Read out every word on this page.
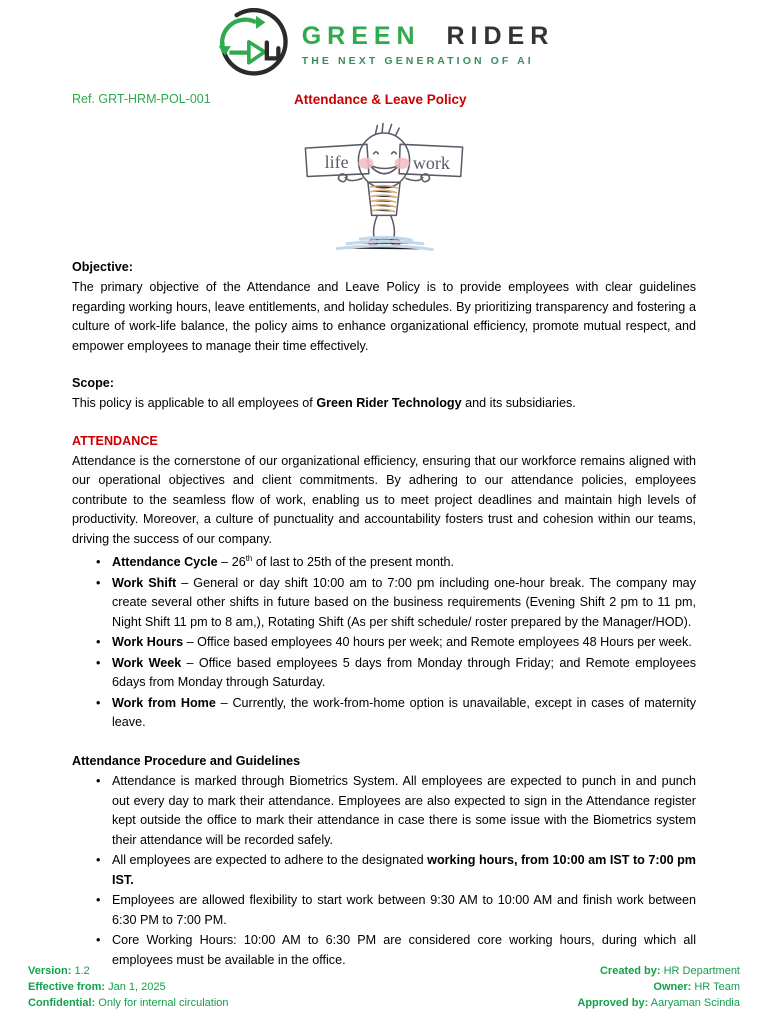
GREEN RIDER
THE NEXT GENERATION OF AI
Ref. GRT-HRM-POL-001	Attendance & Leave Policy
life	work
Objective:

The primary objective of the Attendance and Leave Policy is to provide employees with clear guidelines regarding working hours, leave entitlements, and holiday schedules. By prioritizing transparency and fostering a culture of work-life balance, the policy aims to enhance organizational efficiency, promote mutual respect, and empower employees to manage their time effectively.

Scope:

This policy is applicable to all employees of Green Rider Technology and its subsidiaries.

ATTENDANCE

Attendance is the cornerstone of our organizational efficiency, ensuring that our workforce remains aligned with our operational objectives and client commitments. By adhering to our attendance policies, employees contribute to the seamless flow of work, enabling us to meet project deadlines and maintain high levels of productivity. Moreover, a culture of punctuality and accountability fosters trust and cohesion within our teams, driving the success of our company.

• Attendance Cycle – 26th of last to 25th of the present month.
• Work Shift – General or day shift 10:00 am to 7:00 pm including one-hour break. The company may create several other shifts in future based on the business requirements (Evening Shift 2 pm to 11 pm, Night Shift 11 pm to 8 am,), Rotating Shift (As per shift schedule/ roster prepared by the Manager/HOD).
• Work Hours – Office based employees 40 hours per week; and Remote employees 48 Hours per week.
• Work Week – Office based employees 5 days from Monday through Friday; and Remote employees 6days from Monday through Saturday.
• Work from Home – Currently, the work-from-home option is unavailable, except in cases of maternity leave.
Attendance Procedure and Guidelines
• Attendance is marked through Biometrics System. All employees are expected to punch in and punch out every day to mark their attendance. Employees are also expected to sign in the Attendance register kept outside the office to mark their attendance in case there is some issue with the Biometrics system their attendance will be recorded safely.
• All employees are expected to adhere to the designated working hours, from 10:00 am IST to 7:00 pm IST.
• Employees are allowed flexibility to start work between 9:30 AM to 10:00 AM and finish work between 6:30 PM to 7:00 PM.
• Core Working Hours: 10:00 AM to 6:30 PM are considered core working hours, during which all employees must be available in the office.
Version: 1.2
Effective from: Jan 1, 2025
Confidential: Only for internal circulation
Created by: HR Department
Owner: HR Team
Approved by: Aaryaman Scindia
